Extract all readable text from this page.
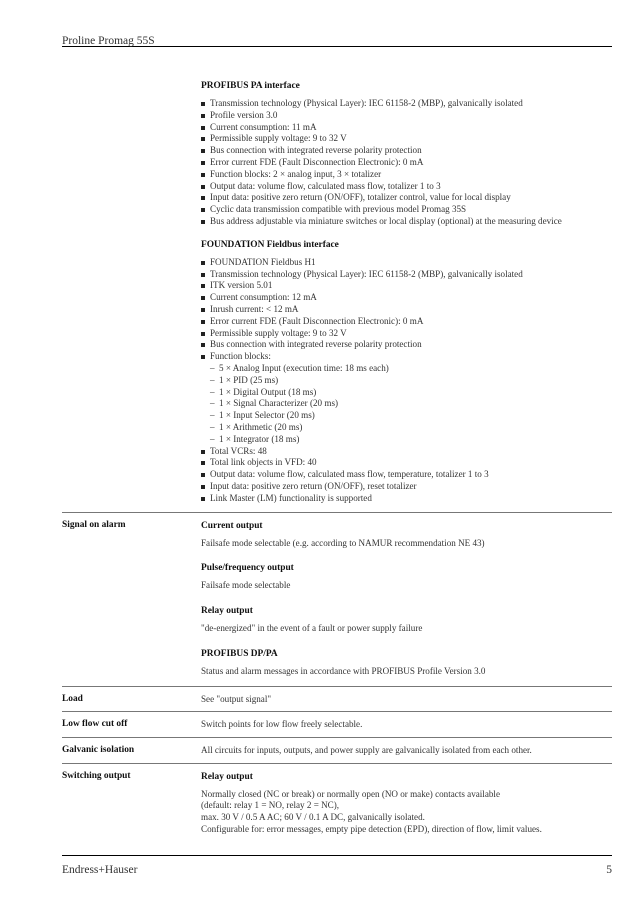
Proline Promag 55S
PROFIBUS PA interface
Transmission technology (Physical Layer): IEC 61158-2 (MBP), galvanically isolated
Profile version 3.0
Current consumption: 11 mA
Permissible supply voltage: 9 to 32 V
Bus connection with integrated reverse polarity protection
Error current FDE (Fault Disconnection Electronic): 0 mA
Function blocks: 2 × analog input, 3 × totalizer
Output data: volume flow, calculated mass flow, totalizer 1 to 3
Input data: positive zero return (ON/OFF), totalizer control, value for local display
Cyclic data transmission compatible with previous model Promag 35S
Bus address adjustable via miniature switches or local display (optional) at the measuring device
FOUNDATION Fieldbus interface
FOUNDATION Fieldbus H1
Transmission technology (Physical Layer): IEC 61158-2 (MBP), galvanically isolated
ITK version 5.01
Current consumption: 12 mA
Inrush current: < 12 mA
Error current FDE (Fault Disconnection Electronic): 0 mA
Permissible supply voltage: 9 to 32 V
Bus connection with integrated reverse polarity protection
Function blocks:
– 5 × Analog Input (execution time: 18 ms each)
– 1 × PID (25 ms)
– 1 × Digital Output (18 ms)
– 1 × Signal Characterizer (20 ms)
– 1 × Input Selector (20 ms)
– 1 × Arithmetic (20 ms)
– 1 × Integrator (18 ms)
Total VCRs: 48
Total link objects in VFD: 40
Output data: volume flow, calculated mass flow, temperature, totalizer 1 to 3
Input data: positive zero return (ON/OFF), reset totalizer
Link Master (LM) functionality is supported
Signal on alarm	Current output
Failsafe mode selectable (e.g. according to NAMUR recommendation NE 43)
Pulse/frequency output
Failsafe mode selectable
Relay output
"de-energized" in the event of a fault or power supply failure
PROFIBUS DP/PA
Status and alarm messages in accordance with PROFIBUS Profile Version 3.0
Load	See "output signal"
Low flow cut off	Switch points for low flow freely selectable.
Galvanic isolation	All circuits for inputs, outputs, and power supply are galvanically isolated from each other.
Switching output	Relay output
Normally closed (NC or break) or normally open (NO or make) contacts available
(default: relay 1 = NO, relay 2 = NC),
max. 30 V / 0.5 A AC; 60 V / 0.1 A DC, galvanically isolated.
Configurable for: error messages, empty pipe detection (EPD), direction of flow, limit values.
Endress+Hauser	5
